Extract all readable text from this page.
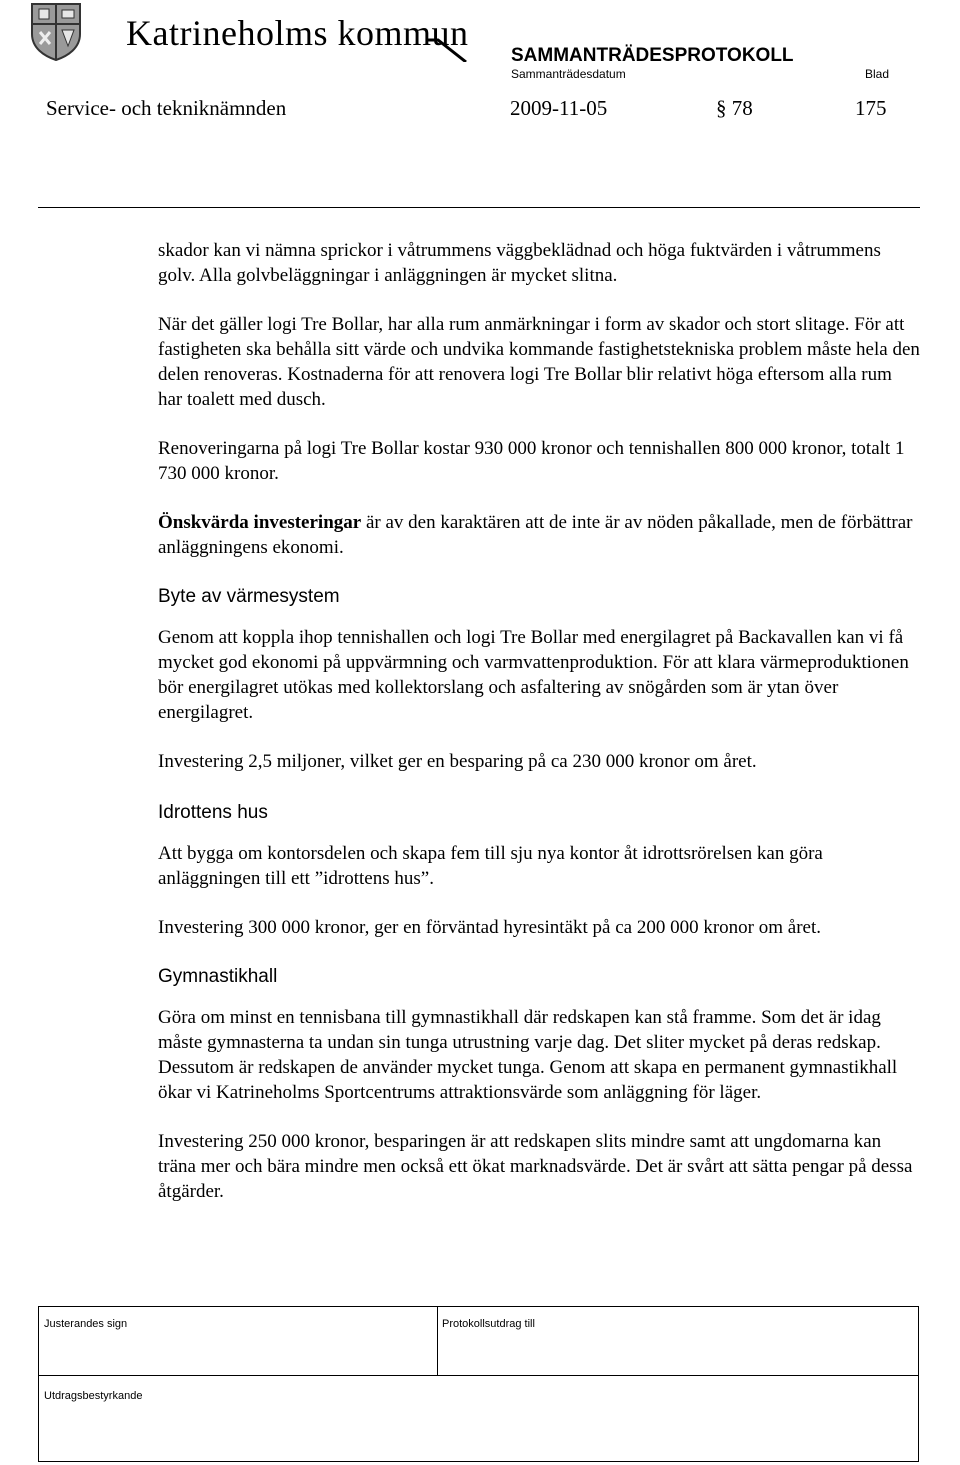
Katrineholms kommun
SAMMANTRÄDESPROTOKOLL
Sammanträdesdatum	Blad
Service- och tekniknämnden	2009-11-05	§ 78	175

skador kan vi nämna sprickor i våtrummens väggbeklädnad och höga fuktvärden i våtrummens golv. Alla golvbeläggningar i anläggningen är mycket slitna.

När det gäller logi Tre Bollar, har alla rum anmärkningar i form av skador och stort slitage. För att fastigheten ska behålla sitt värde och undvika kommande fastighetstekniska problem måste hela den delen renoveras. Kostnaderna för att renovera logi Tre Bollar blir relativt höga eftersom alla rum har toalett med dusch.

Renoveringarna på logi Tre Bollar kostar 930 000 kronor och tennishallen 800 000 kronor, totalt 1 730 000 kronor.

Önskvärda investeringar är av den karaktären att de inte är av nöden påkallade, men de förbättrar anläggningens ekonomi.

Byte av värmesystem

Genom att koppla ihop tennishallen och logi Tre Bollar med energilagret på Backavallen kan vi få mycket god ekonomi på uppvärmning och varmvattenproduktion. För att klara värmeproduktionen bör energilagret utökas med kollektorslang och asfaltering av snögården som är ytan över energilagret.

Investering 2,5 miljoner, vilket ger en besparing på ca 230 000 kronor om året.

Idrottens hus

Att bygga om kontorsdelen och skapa fem till sju nya kontor åt idrottsrörelsen kan göra anläggningen till ett ”idrottens hus”.

Investering 300 000 kronor, ger en förväntad hyresintäkt på ca 200 000 kronor om året.

Gymnastikhall

Göra om minst en tennisbana till gymnastikhall där redskapen kan stå framme. Som det är idag måste gymnasterna ta undan sin tunga utrustning varje dag. Det sliter mycket på deras redskap. Dessutom är redskapen de använder mycket tunga. Genom att skapa en permanent gymnastikhall ökar vi Katrineholms Sportcentrums attraktionsvärde som anläggning för läger.

Investering 250 000 kronor, besparingen är att redskapen slits mindre samt att ungdomarna kan träna mer och bära mindre men också ett ökat marknadsvärde. Det är svårt att sätta pengar på dessa åtgärder.

Justerandes sign	Protokollsutdrag till
Utdragsbestyrkande
